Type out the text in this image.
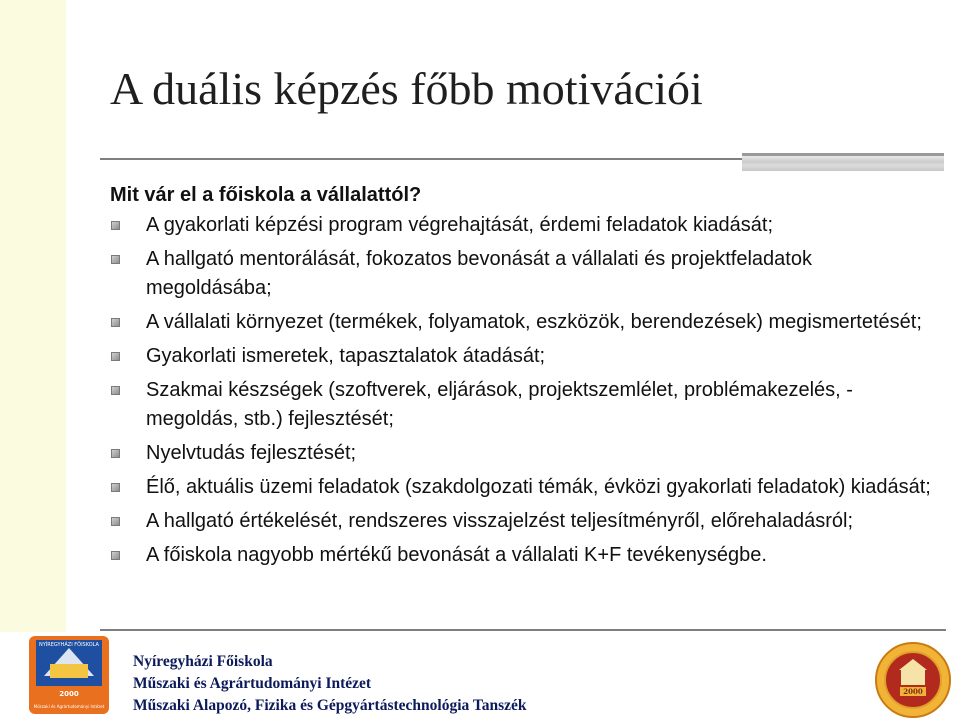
A duális képzés főbb motivációi
Mit vár el a főiskola a vállalattól?
A gyakorlati képzési program végrehajtását, érdemi feladatok kiadását;
A hallgató mentorálását, fokozatos bevonását a vállalati és projektfeladatok megoldásába;
A vállalati környezet (termékek, folyamatok, eszközök, berendezések) megismertetését;
Gyakorlati ismeretek, tapasztalatok átadását;
Szakmai készségek (szoftverek, eljárások, projektszemlélet, problémakezelés, -megoldás, stb.) fejlesztését;
Nyelvtudás fejlesztését;
Élő, aktuális üzemi feladatok (szakdolgozati témák, évközi gyakorlati feladatok) kiadását;
A hallgató értékelését, rendszeres visszajelzést teljesítményről, előrehaladásról;
A főiskola nagyobb mértékű bevonását a vállalati K+F tevékenységbe.
NYÍREGYHÁZI FŐISKOLA
2000
Műszaki és Agrártudományi Intézet
Nyíregyházi Főiskola
Műszaki és Agrártudományi Intézet
Műszaki Alapozó, Fizika és Gépgyártástechnológia Tanszék
2000
